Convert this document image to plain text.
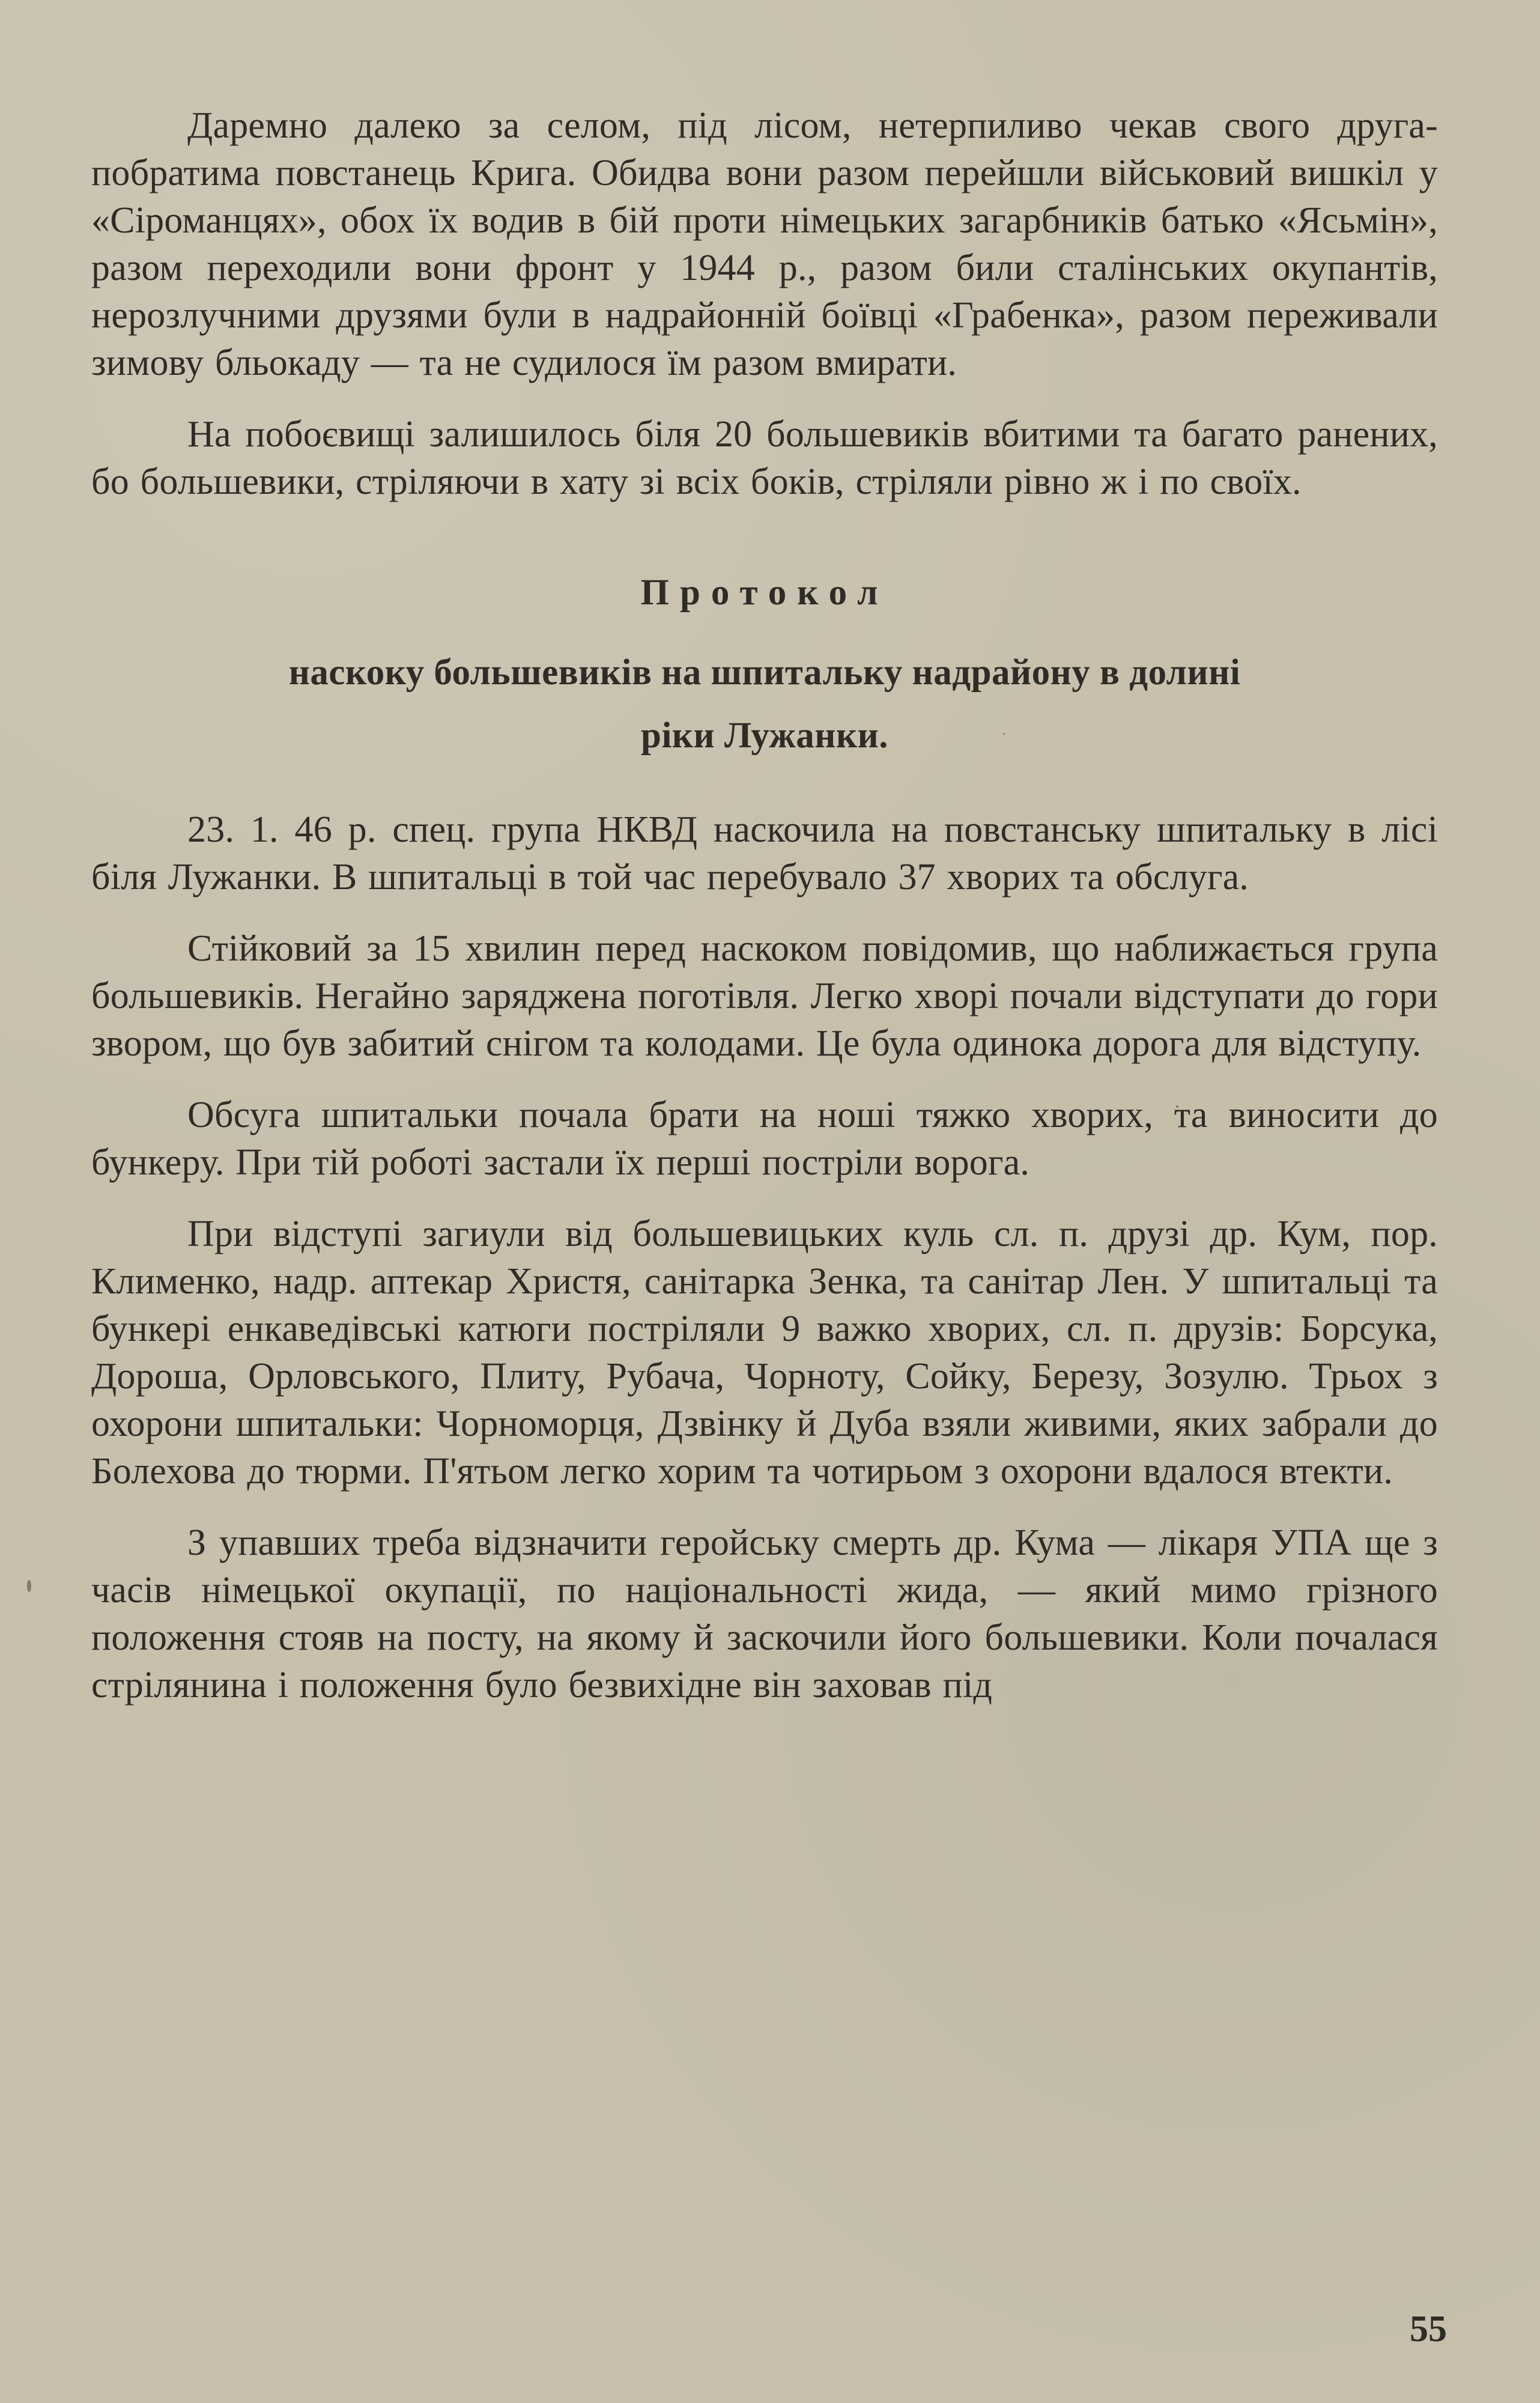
Даремно далеко за селом, під лісом, нетерпиливо чекав свого друга-побратима повстанець Крига. Обидва вони разом перейшли військовий вишкіл у «Сіроманцях», обох їх водив в бій проти німецьких загарбників батько «Ясьмін», разом переходили вони фронт у 1944 р., разом били сталінських окупантів, нерозлучними друзями були в надрайонній боївці «Грабенка», разом переживали зимову бльокаду — та не судилося їм разом вмирати.

На побоєвищі залишилось біля 20 большевиків вбитими та багато ранених, бо большевики, стріляючи в хату зі всіх боків, стріляли рівно ж і по своїх.

Протокол

наскоку большевиків на шпитальку надрайону в долині

ріки Лужанки.

23. 1. 46 р. спец. група НКВД наскочила на повстанську шпитальку в лісі біля Лужанки. В шпитальці в той час перебувало 37 хворих та обслуга.

Стійковий за 15 хвилин перед наскоком повідомив, що наближається група большевиків. Негайно заряджена поготівля. Легко хворі почали відступати до гори звором, що був забитий снігом та колодами. Це була одинока дорога для відступу.

Обсуга шпитальки почала брати на ноші тяжко хворих, та виносити до бункеру. При тій роботі застали їх перші постріли ворога.

При відступі загиули від большевицьких куль сл. п. друзі др. Кум, пор. Клименко, надр. аптекар Христя, санітарка Зенка, та санітар Лен. У шпитальці та бункері енкаведівські катюги постріляли 9 важко хворих, сл. п. друзів: Борсука, Дороша, Орловського, Плиту, Рубача, Чорноту, Сойку, Березу, Зозулю. Трьох з охорони шпитальки: Чорноморця, Дзвінку й Дуба взяли живими, яких забрали до Болехова до тюрми. П'ятьом легко хорим та чотирьом з охорони вдалося втекти.

З упавших треба відзначити геройську смерть др. Кума — лікаря УПА ще з часів німецької окупації, по національності жида, — який мимо грізного положення стояв на посту, на якому й заскочили його большевики. Коли почалася стрілянина і положення було безвихідне він заховав під

55
